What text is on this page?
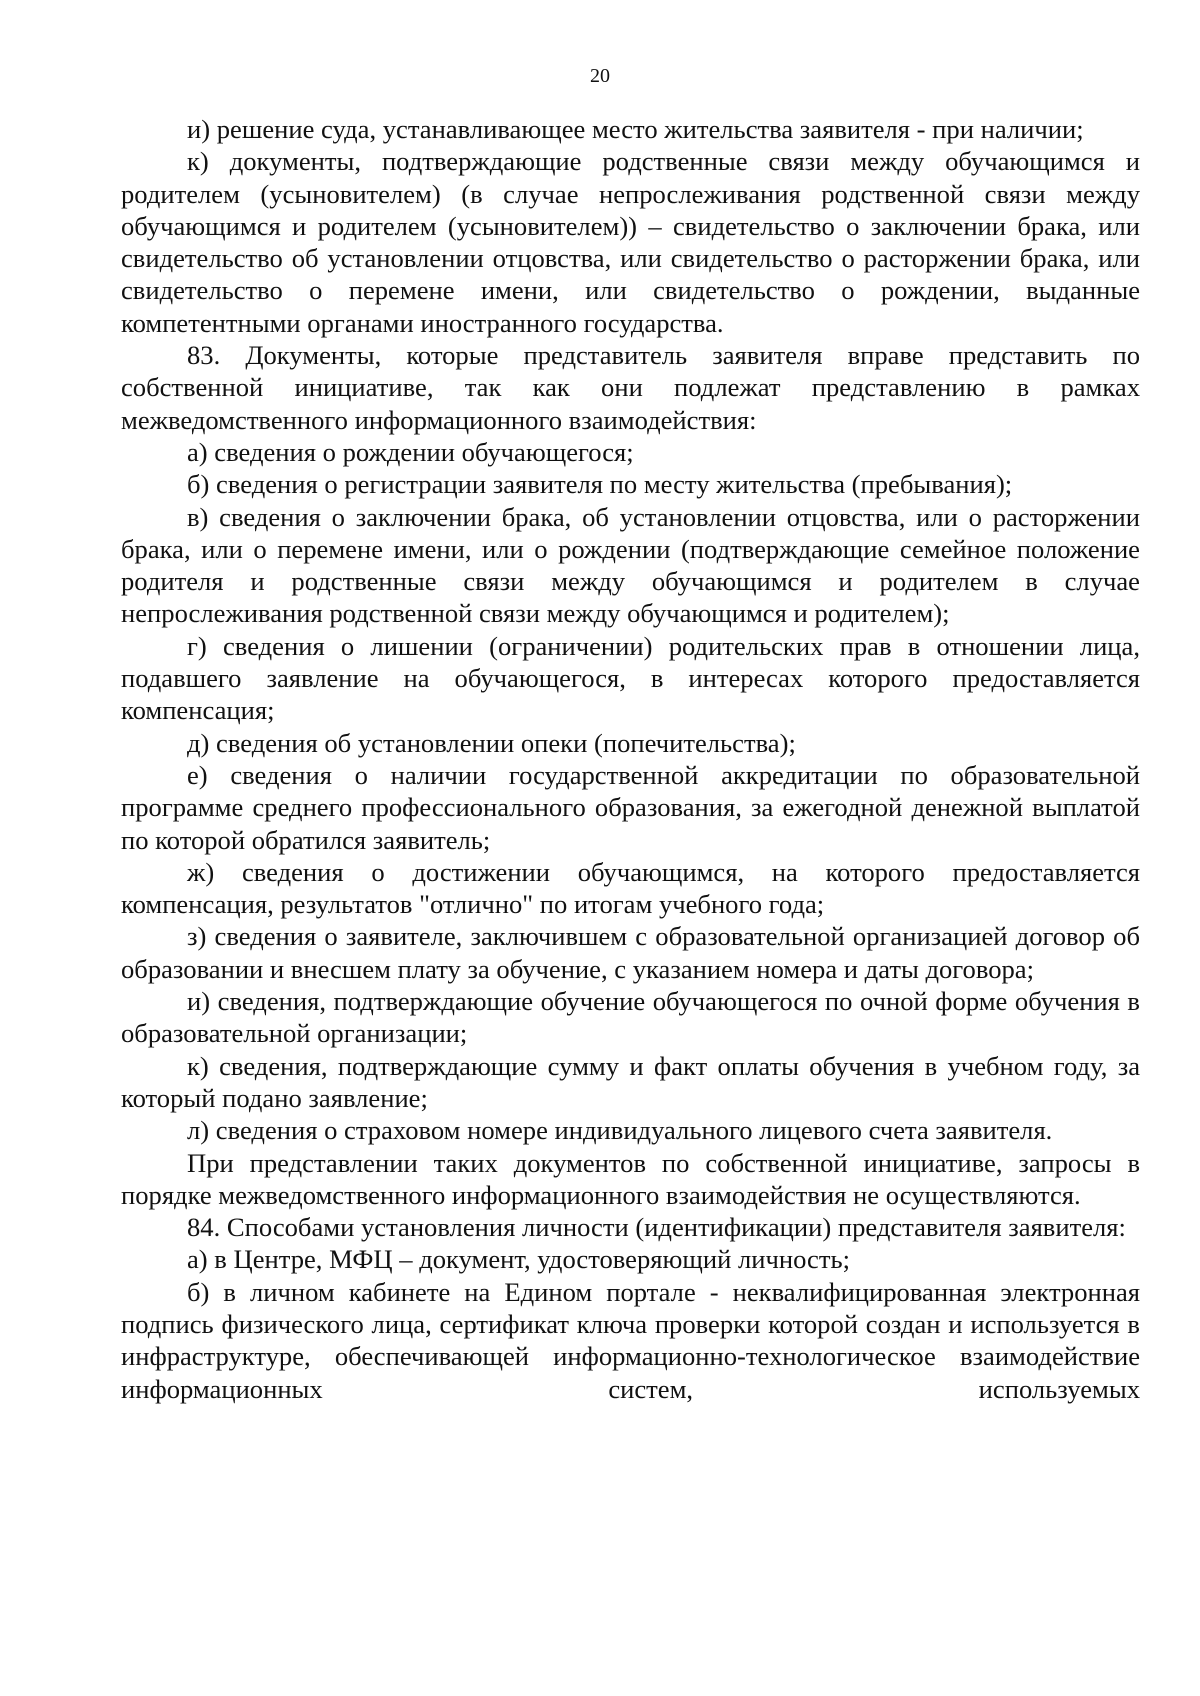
20

и) решение суда, устанавливающее место жительства заявителя - при наличии;

к) документы, подтверждающие родственные связи между обучающимся и родителем (усыновителем) (в случае непрослеживания родственной связи между обучающимся и родителем (усыновителем)) – свидетельство о заключении брака, или свидетельство об установлении отцовства, или свидетельство о расторжении брака, или свидетельство о перемене имени, или свидетельство о рождении, выданные компетентными органами иностранного государства.

83. Документы, которые представитель заявителя вправе представить по собственной инициативе, так как они подлежат представлению в рамках межведомственного информационного взаимодействия:

а) сведения о рождении обучающегося;

б) сведения о регистрации заявителя по месту жительства (пребывания);

в) сведения о заключении брака, об установлении отцовства, или о расторжении брака, или о перемене имени, или о рождении (подтверждающие семейное положение родителя и родственные связи между обучающимся и родителем в случае непрослеживания родственной связи между обучающимся и родителем);

г) сведения о лишении (ограничении) родительских прав в отношении лица, подавшего заявление на обучающегося, в интересах которого предоставляется компенсация;

д) сведения об установлении опеки (попечительства);

е) сведения о наличии государственной аккредитации по образовательной программе среднего профессионального образования, за ежегодной денежной выплатой по которой обратился заявитель;

ж) сведения о достижении обучающимся, на которого предоставляется компенсация, результатов "отлично" по итогам учебного года;

з) сведения о заявителе, заключившем с образовательной организацией договор об образовании и внесшем плату за обучение, с указанием номера и даты договора;

и) сведения, подтверждающие обучение обучающегося по очной форме обучения в образовательной организации;

к) сведения, подтверждающие сумму и факт оплаты обучения в учебном году, за который подано заявление;

л) сведения о страховом номере индивидуального лицевого счета заявителя.

При представлении таких документов по собственной инициативе, запросы в порядке межведомственного информационного взаимодействия не осуществляются.

84. Способами установления личности (идентификации) представителя заявителя:

а) в Центре, МФЦ – документ, удостоверяющий личность;

б) в личном кабинете на Едином портале - неквалифицированная электронная подпись физического лица, сертификат ключа проверки которой создан и используется в инфраструктуре, обеспечивающей информационно-технологическое взаимодействие информационных систем, используемых
